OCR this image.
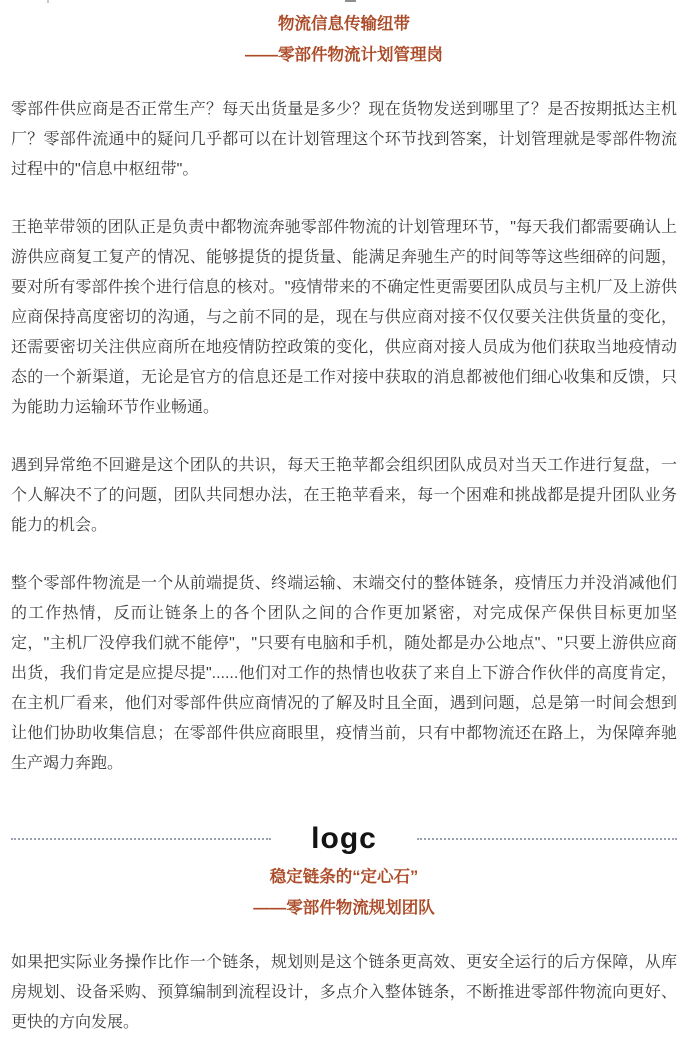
物流信息传输纽带
——零部件物流计划管理岗

零部件供应商是否正常生产？每天出货量是多少？现在货物发送到哪里了？是否按期抵达主机厂？零部件流通中的疑问几乎都可以在计划管理这个环节找到答案，计划管理就是零部件物流过程中的"信息中枢纽带"。

王艳苹带领的团队正是负责中都物流奔驰零部件物流的计划管理环节，"每天我们都需要确认上游供应商复工复产的情况、能够提货的提货量、能满足奔驰生产的时间等等这些细碎的问题，要对所有零部件挨个进行信息的核对。"疫情带来的不确定性更需要团队成员与主机厂及上游供应商保持高度密切的沟通，与之前不同的是，现在与供应商对接不仅仅要关注供货量的变化，还需要密切关注供应商所在地疫情防控政策的变化，供应商对接人员成为他们获取当地疫情动态的一个新渠道，无论是官方的信息还是工作对接中获取的消息都被他们细心收集和反馈，只为能助力运输环节作业畅通。

遇到异常绝不回避是这个团队的共识，每天王艳苹都会组织团队成员对当天工作进行复盘，一个人解决不了的问题，团队共同想办法，在王艳苹看来，每一个困难和挑战都是提升团队业务能力的机会。

整个零部件物流是一个从前端提货、终端运输、末端交付的整体链条，疫情压力并没消减他们的工作热情，反而让链条上的各个团队之间的合作更加紧密，对完成保产保供目标更加坚定，"主机厂没停我们就不能停"，"只要有电脑和手机，随处都是办公地点"、"只要上游供应商出货，我们肯定是应提尽提"......他们对工作的热情也收获了来自上下游合作伙伴的高度肯定，在主机厂看来，他们对零部件供应商情况的了解及时且全面，遇到问题，总是第一时间会想到让他们协助收集信息；在零部件供应商眼里，疫情当前，只有中都物流还在路上，为保障奔驰生产竭力奔跑。

logc
稳定链条的“定心石”
——零部件物流规划团队

如果把实际业务操作比作一个链条，规划则是这个链条更高效、更安全运行的后方保障，从库房规划、设备采购、预算编制到流程设计，多点介入整体链条，不断推进零部件物流向更好、更快的方向发展。
